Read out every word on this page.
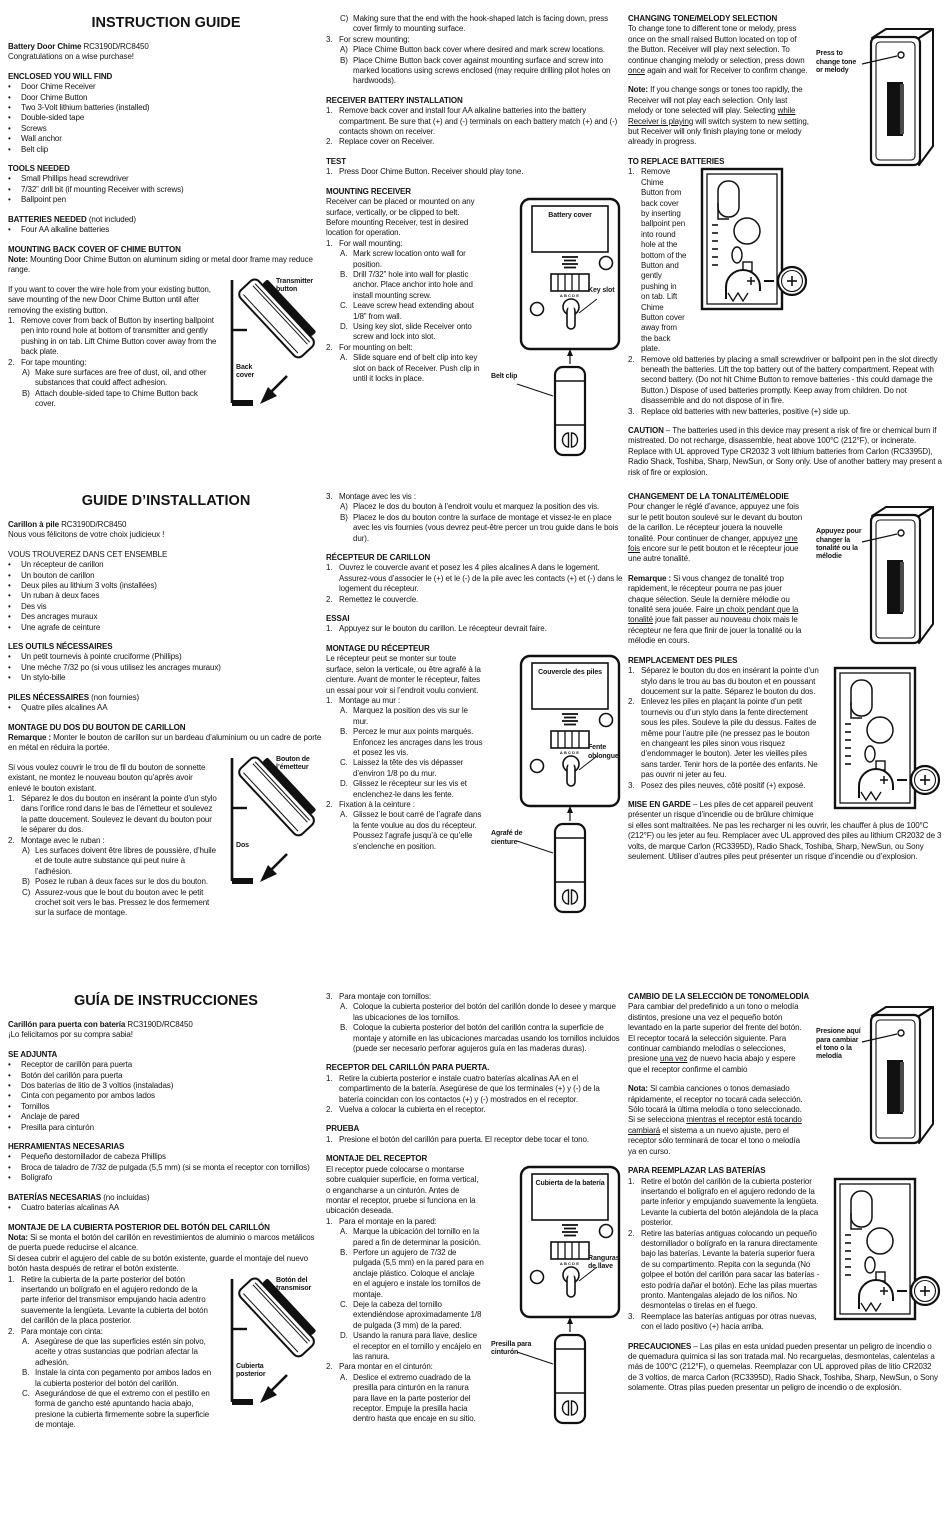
INSTRUCTION GUIDE
Battery Door Chime RC3190D/RC8450
Congratulations on a wise purchase!
ENCLOSED YOU WILL FIND
•	Door Chime Receiver
•	Door Chime Button
•	Two 3-Volt lithium batteries (installed)
•	Double-sided tape
•	Screws
•	Wall anchor
•	Belt clip
TOOLS NEEDED
•	Small Phillips head screwdriver
•	7/32” drill bit (if mounting Receiver with screws)
•	Ballpoint pen
BATTERIES NEEDED (not included)
•	Four AA alkaline batteries
MOUNTING BACK COVER OF CHIME BUTTON
Note: Mounting Door Chime Button on aluminum siding or metal door frame may reduce range.
Transmitter button
Back cover
If you want to cover the wire hole from your existing button, save mounting of the new Door Chime Button until after removing the existing button.
1. Remove cover from back of Button by inserting ballpoint pen into round hole at bottom of transmitter and gently pushing in on tab. Lift Chime Button cover away from the back plate.
2. For tape mounting:
A) Make sure surfaces are free of dust, oil, and other substances that could affect adhesion.
B) Attach double-sided tape to Chime Button back cover.
C) Making sure that the end with the hook-shaped latch is facing down, press cover firmly to mounting surface.
3. For screw mounting:
A) Place Chime Button back cover where desired and mark screw locations.
B) Place Chime Button back cover against mounting surface and screw into marked locations using screws enclosed (may require drilling pilot holes on hardwoods).
RECEIVER BATTERY INSTALLATION
1. Remove back cover and install four AA alkaline batteries into the battery compartment. Be sure that (+) and (-) terminals on each battery match (+) and (-) contacts shown on receiver.
2. Replace cover on Receiver.
TEST
1. Press Door Chime Button. Receiver should play tone.
MOUNTING RECEIVER
ABCDE
Battery cover
Key slot
Belt clip
Receiver can be placed or mounted on any surface, vertically, or be clipped to belt. Before mounting Receiver, test in desired location for operation.
1. For wall mounting:
A. Mark screw location onto wall for position.
B. Drill 7/32” hole into wall for plastic anchor. Place anchor into hole and install mounting screw.
C. Leave screw head extending about 1/8” from wall.
D. Using key slot, slide Receiver onto screw and lock into slot.
2. For mounting on belt:
A. Slide square end of belt clip into key slot on back of Receiver. Push clip in until it locks in place.
CHANGING TONE/MELODY SELECTION
Press to change tone or melody
To change tone to different tone or melody, press once on the small raised Button located on top of the Button. Receiver will play next selection. To continue changing melody or selection, press down once again and wait for Receiver to confirm change.
Note: If you change songs or tones too rapidly, the Receiver will not play each selection. Only last melody or tone selected will play. Selecting while Receiver is playing will switch system to new setting, but Receiver will only finish playing tone or melody already in progress.
TO REPLACE BATTERIES
1. Remove Chime Button from back cover by inserting ballpoint pen into round hole at the bottom of the Button and gently pushing in on tab. Lift Chime Button cover away from the back plate.
2. Remove old batteries by placing a small screwdriver or ballpoint pen in the slot directly beneath the batteries. Lift the top battery out of the battery compartment. Repeat with second battery. (Do not hit Chime Button to remove batteries - this could damage the Button.) Dispose of used batteries promptly. Keep away from children. Do not disassemble and do not dispose of in fire.
3. Replace old batteries with new batteries, positive (+) side up.
CAUTION – The batteries used in this device may present a risk of fire or chemical burn if mistreated. Do not recharge, disassemble, heat above 100°C (212°F), or incinerate. Replace with UL approved Type CR2032 3 volt lithium batteries from Carlon (RC3395D), Radio Shack, Toshiba, Sharp, NewSun, or Sony only. Use of another battery may present a risk of fire or explosion.
GUIDE D’INSTALLATION
Carillon à pile RC3190D/RC8450
Nous vous félicitons de votre choix judicieux !
VOUS TROUVEREZ DANS CET ENSEMBLE
•	Un récepteur de carillon
•	Un bouton de carillon
•	Deux piles au lithium 3 volts (installées)
•	Un ruban à deux faces
•	Des vis
•	Des ancrages muraux
•	Une agrafe de ceinture
LES OUTILS NÉCESSAIRES
•	Un petit tournevis à pointe cruciforme (Phillips)
•	Une mèche 7/32 po (si vous utilisez les ancrages muraux)
•	Un stylo-bille
PILES NÉCESSAIRES (non fournies)
•	Quatre piles alcalines AA
MONTAGE DU DOS DU BOUTON DE CARILLON
Remarque : Monter le bouton de carillon sur un bardeau d’aluminium ou un cadre de porte en métal en réduira la portée.
Bouton de l’émetteur
Dos
Si vous voulez couvrir le trou de fil du bouton de sonnette existant, ne montez le nouveau bouton qu’après avoir enlevé le bouton existant.
1. Séparez le dos du bouton en insérant la pointe d’un stylo dans l’orifice rond dans le bas de l’émetteur et soulevez la patte doucement. Soulevez le devant du bouton pour le séparer du dos.
2. Montage avec le ruban :
A) Les surfaces doivent être libres de poussière, d’huile et de toute autre substance qui peut nuire à l’adhésion.
B) Posez le ruban à deux faces sur le dos du bouton.
C) Assurez-vous que le bout du bouton avec le petit crochet soit vers le bas. Pressez le dos fermement sur la surface de montage.
3. Montage avec les vis :
A) Placez le dos du bouton à l’endroit voulu et marquez la position des vis.
B) Placez le dos du bouton contre la surface de montage et vissez-le en place avec les vis fournies (vous devrez peut-être percer un trou guide dans le bois dur).
RÉCEPTEUR DE CARILLON
1. Ouvrez le couvercle avant et posez les 4 piles alcalines A dans le logement. Assurez-vous d’associer le (+) et le (-) de la pile avec les contacts (+) et (-) dans le logement du récepteur.
2. Remettez le couvercle.
ESSAI
1. Appuyez sur le bouton du carillon. Le récepteur devrait faire.
MONTAGE DU RÉCEPTEUR
ABCDE
Couvercle des piles
Fente oblongue
Agrafé de cienture
Le récepteur peut se monter sur toute surface, selon la verticale, ou être agrafé à la cienture. Avant de monter le récepteur, faites un essai pour voir si l’endroit voulu convient.
1. Montage au mur :
A. Marquez la position des vis sur le mur.
B. Percez le mur aux points marqués. Enfoncez les ancrages dans les trous et posez les vis.
C. Laissez la tête des vis dépasser d’environ 1/8 po du mur.
D. Glissez le récepteur sur les vis et enclenchez-le dans les fente.
2. Fixation à la ceinture :
A. Glissez le bout carré de l’agrafe dans la fente voulue au dos du récepteur. Poussez l’agrafe jusqu’à ce qu’elle s’enclenche en position.
CHANGEMENT DE LA TONALITÉ/MÉLODIE
Appuyez pour changer la tonalité ou la mélodie
Pour changer le réglé d’avance, appuyez une fois sur le petit bouton soulevé sur le devant du bouton de la carillon. Le récepteur jouera la nouvelle tonalité. Pour continuer de changer, appuyez une fois encore sur le petit bouton et le récepteur joue une autre tonalité.
Remarque : Si vous changez de tonalité trop rapidement, le récepteur pourra ne pas jouer chaque sélection. Seule la dernière mélodie ou tonalité sera jouée. Faire un choix pendant que la tonalité joue fait passer au nouveau choix mais le récepteur ne fera que finir de jouer la tonalité ou la mélodie en cours.
REMPLACEMENT DES PILES
1. Séparez le bouton du dos en insérant la pointe d’un stylo dans le trou au bas du bouton et en poussant doucement sur la patte. Séparez le bouton du dos.
2. Enlevez les piles en plaçant la pointe d’un petit tournevis ou d’un stylo dans la fente directement sous les piles. Souleve la pile du dessus. Faites de même pour l’autre pile (ne pressez pas le bouton en changeant les piles sinon vous risquez d’endommager le bouton). Jeter les vieilles piles sans tarder. Tenir hors de la portée des enfants. Ne pas ouvrir ni jeter au feu.
3. Posez des piles neuves, côté positif (+) exposé.
MISE EN GARDE – Les piles de cet appareil peuvent présenter un risque d’incendie ou de brûlure chimique si elles sont maltraitées. Ne pas les recharger ni les ouvrir, les chauffer à plus de 100°C (212°F) ou les jeter au feu. Remplacer avec UL approved des piles au lithium CR2032 de 3 volts, de marque Carlon (RC3395D), Radio Shack, Toshiba, Sharp, NewSun, ou Sony seulement. Utiliser d’autres piles peut présenter un risque d’incendie ou d’explosion.
GUÍA DE INSTRUCCIONES
Carillón para puerta con batería RC3190D/RC8450
¡Lo felicitamos por su compra sabia!
SE ADJUNTA
•	Receptor de carillón para puerta
•	Botón del carillón para puerta
•	Dos baterías de litio de 3 voltios (instaladas)
•	Cinta con pegamento por ambos lados
•	Tornillos
•	Anclaje de pared
•	Presilla para cinturón
HERRAMIENTAS NECESARIAS
•	Pequeño destornillador de cabeza Phillips
•	Broca de taladro de 7/32 de pulgada (5,5 mm) (si se monta el receptor con tornillos)
•	Bolígrafo
BATERÍAS NECESARIAS (no incluidas)
•	Cuatro baterías alcalinas AA
MONTAJE DE LA CUBIERTA POSTERIOR DEL BOTÓN DEL CARILLÓN
Nota: Si se monta el botón del carillón en revestimientos de aluminio o marcos metálicos de puerta puede reducirse el alcance.
Si desea cubrir el agujero del cable de su botón existente, guarde el montaje del nuevo botón hasta después de retirar el botón existente.
Botón del transmisor
Cubierta posterior
1. Retire la cubierta de la parte posterior del botón insertando un bolígrafo en el agujero redondo de la parte inferior del transmisor empujando hacia adentro suavemente la lengüeta. Levante la cubierta del botón del carillón de la placa posterior.
2. Para montaje con cinta:
A. Asegúrese de que las superficies estén sin polvo, aceite y otras sustancias que podrían afectar la adhesión.
B. Instale la cinta con pegamento por ambos lados en la cubierta posterior del botón del carillón.
C. Asegurándose de que el extremo con el pestillo en forma de gancho esté apuntando hacia abajo, presione la cubierta firmemente sobre la superficie de montaje.
3. Para montaje con tornillos:
A. Coloque la cubierta posterior del botón del carillón donde lo desee y marque las ubicaciones de los tornillos.
B. Coloque la cubierta posterior del botón del carillón contra la superficie de montaje y atornille en las ubicaciones marcadas usando los tornillos incluidos (puede ser necesario perforar agujeros guía en las maderas duras).
RECEPTOR DEL CARILLÓN PARA PUERTA.
1. Retire la cubierta posterior e instale cuatro baterías alcalinas AA en el compartimento de la batería. Asegúrese de que los terminales (+) y (-) de la batería coincidan con los contactos (+) y (-) mostrados en el receptor.
2. Vuelva a colocar la cubierta en el receptor.
PRUEBA
1. Presione el botón del carillón para puerta. El receptor debe tocar el tono.
MONTAJE DEL RECEPTOR
ABCDE
Cubierta de la batería
Ranguras de llave
Presilla para cinturón
El receptor puede colocarse o montarse sobre cualquier superficie, en forma vertical, o engancharse a un cinturón. Antes de montar el receptor, pruebe si funciona en la ubicación deseada.
1. Para el montaje en la pared:
A. Marque la ubicación del tornillo en la pared a fin de determinar la posición.
B. Perfore un agujero de 7/32 de pulgada (5,5 mm) en la pared para en anclaje plástico. Coloque el anclaje en el agujero e instale los tornillos de montaje.
C. Deje la cabeza del tornillo extendiéndose aproximadamente 1/8 de pulgada (3 mm) de la pared.
D. Usando la ranura para llave, deslice el receptor en el tornillo y encájelo en las ranura.
2. Para montar en el cinturón:
A. Deslice el extremo cuadrado de la presilla para cinturón en la ranura para llave en la parte posterior del receptor. Empuje la presilla hacia dentro hasta que encaje en su sitio.
CAMBIO DE LA SELECCIÓN DE TONO/MELODÍA
Presione aquí para cambiar el tono o la melodía
Para cambiar del predefinido a un tono o melodía distintos, presione una vez el pequeño botón levantado en la parte superior del frente del botón. El receptor tocará la selección siguiente. Para continuar cambiando melodías o selecciones, presione una vez de nuevo hacia abajo y espere que el receptor confirme el cambio
Nota: Si cambia canciones o tonos demasiado rápidamente, el receptor no tocará cada selección. Sólo tocará la última melodía o tono seleccionado. Si se selecciona mientras el receptor está tocando cambiará el sistema a un nuevo ajuste, pero el receptor sólo terminará de tocar el tono o melodía ya en curso.
PARA REEMPLAZAR LAS BATERÍAS
1. Retire el botón del carillón de la cubierta posterior insertando el bolígrafo en el agujero redondo de la parte inferior y empujando suavemente la lengüeta. Levante la cubierta del botón alejándola de la placa posterior.
2. Retire las baterías antiguas colocando un pequeño destornillador o bolígrafo en la ranura directamente bajo las baterías. Levante la batería superior fuera de su compartimento. Repita con la segunda (No golpee el botón del carillón para sacar las baterías - esto podría dañar el botón). Eche las pilas muertas pronto. Mantengalas alejado de los niños. No desmontelas o tirelas en el fuego.
3. Reemplace las baterías antiguas por otras nuevas, con el lado positivo (+) hacia arriba.
PRECAUCIONES – Las pilas en esta unidad pueden presentar un peligro de incendio o de quemadura química si las son tratada mal. No recarguelas, desmontelas, calentelas a más de 100°C (212°F), o quemelas. Reemplazar con UL approved pilas de litio CR2032 de 3 voltios, de marca Carlon (RC3395D), Radio Shack, Toshiba, Sharp, NewSun, o Sony solamente. Otras pilas pueden presentar un peligro de incendio o de explosión.
